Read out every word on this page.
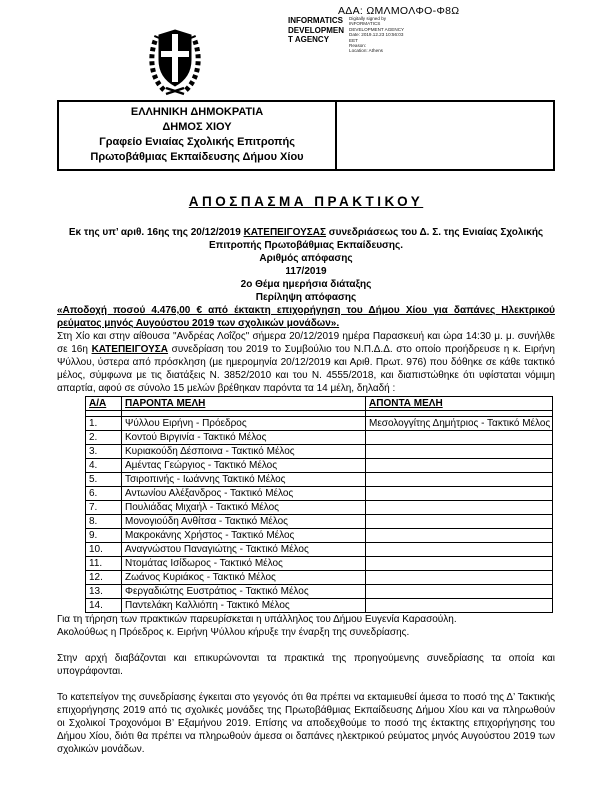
ΑΔΑ: ΩΜΛΜΟΛΦΟ-Φ8Ω
INFORMATICS
DEVELOPMEN
T AGENCY
Digitally signed by
INFORMATICS
DEVELOPMENT AGENCY
Date: 2019.12.23 10:56:03
EET
Reason:
Location: Athens
ΕΛΛΗΝΙΚΗ ΔΗΜΟΚΡΑΤΙΑ
ΔΗΜΟΣ ΧΙΟΥ
Γραφείο Ενιαίας Σχολικής Επιτροπής
Πρωτοβάθμιας Εκπαίδευσης Δήμου Χίου
ΑΠΟΣΠΑΣΜΑ ΠΡΑΚΤΙΚΟΥ
Εκ της υπ’ αριθ. 16ης της 20/12/2019 ΚΑΤΕΠΕΙΓΟΥΣΑΣ συνεδριάσεως του Δ. Σ. της Ενιαίας Σχολικής Επιτροπής Πρωτοβάθμιας Εκπαίδευσης.
Αριθμός απόφασης
117/2019
2ο Θέμα ημερήσια διάταξης
Περίληψη απόφασης
«Αποδοχή ποσού 4.476,00 € από έκτακτη επιχορήγηση του Δήμου Χίου για δαπάνες Ηλεκτρικού ρεύματος μηνός Αυγούστου 2019 των σχολικών μονάδων».

Στη Χίο και στην αίθουσα "Ανδρέας Λοΐζος" σήμερα 20/12/2019 ημέρα Παρασκευή και ώρα 14:30 μ. μ. συνήλθε σε 16η ΚΑΤΕΠΕΙΓΟΥΣΑ συνεδρίαση του 2019 το Συμβούλιο του Ν.Π.Δ.Δ. στο οποίο προήδρευσε η κ. Ειρήνη Ψύλλου, ύστερα από πρόσκληση (με ημερομηνία 20/12/2019 και Αριθ. Πρωτ. 976) που δόθηκε σε κάθε τακτικό μέλος, σύμφωνα με τις διατάξεις Ν. 3852/2010 και του Ν. 4555/2018, και διαπιστώθηκε ότι υφίσταται νόμιμη απαρτία, αφού σε σύνολο 15 μελών βρέθηκαν παρόντα τα 14 μέλη, δηλαδή :

Α/Α	ΠΑΡΟΝΤΑ ΜΕΛΗ	ΑΠΟΝΤΑ ΜΕΛΗ

1.	Ψύλλου Ειρήνη - Πρόεδρος	Μεσολογγίτης Δημήτριος - Τακτικό Μέλος
2.	Κοντού Βιργινία - Τακτικό Μέλος	
3.	Κυριακούδη Δέσποινα - Τακτικό Μέλος	
4.	Αμέντας Γεώργιος - Τακτικό Μέλος	
5.	Τσιροπινής - Ιωάννης Τακτικό Μέλος	
6.	Αντωνίου Αλέξανδρος - Τακτικό Μέλος	
7.	Πουλιάδας Μιχαήλ - Τακτικό Μέλος	
8.	Μονογιούδη Ανθίτσα - Τακτικό Μέλος	
9.	Μακροκάνης Χρήστος - Τακτικό Μέλος	
10.	Αναγνώστου Παναγιώτης - Τακτικό Μέλος	
11.	Ντομάτας Ισίδωρος - Τακτικό Μέλος	
12.	Ζωάνος Κυριάκος - Τακτικό Μέλος	
13.	Φεργαδιώτης Ευστράτιος - Τακτικό Μέλος	
14.	Παντελάκη Καλλιόπη - Τακτικό Μέλος	

Για τη τήρηση των πρακτικών παρευρίσκεται η υπάλληλος του Δήμου Ευγενία Καρασούλη.

Ακολούθως η Πρόεδρος κ. Ειρήνη Ψύλλου κήρυξε την έναρξη της συνεδρίασης.

Στην αρχή διαβάζονται και επικυρώνονται τα πρακτικά της προηγούμενης συνεδρίασης τα οποία και υπογράφονται.

Το κατεπείγον της συνεδρίασης έγκειται στο γεγονός ότι θα πρέπει να εκταμιευθεί άμεσα το ποσό της Δ’ Τακτικής επιχορήγησης 2019 από τις σχολικές μονάδες της Πρωτοβάθμιας Εκπαίδευσης Δήμου Χίου και να πληρωθούν οι Σχολικοί Τροχονόμοι Β’ Εξαμήνου 2019. Επίσης να αποδεχθούμε το ποσό της έκτακτης επιχορήγησης του Δήμου Χίου, διότι θα πρέπει να πληρωθούν άμεσα οι δαπάνες ηλεκτρικού ρεύματος μηνός Αυγούστου 2019 των σχολικών μονάδων.
